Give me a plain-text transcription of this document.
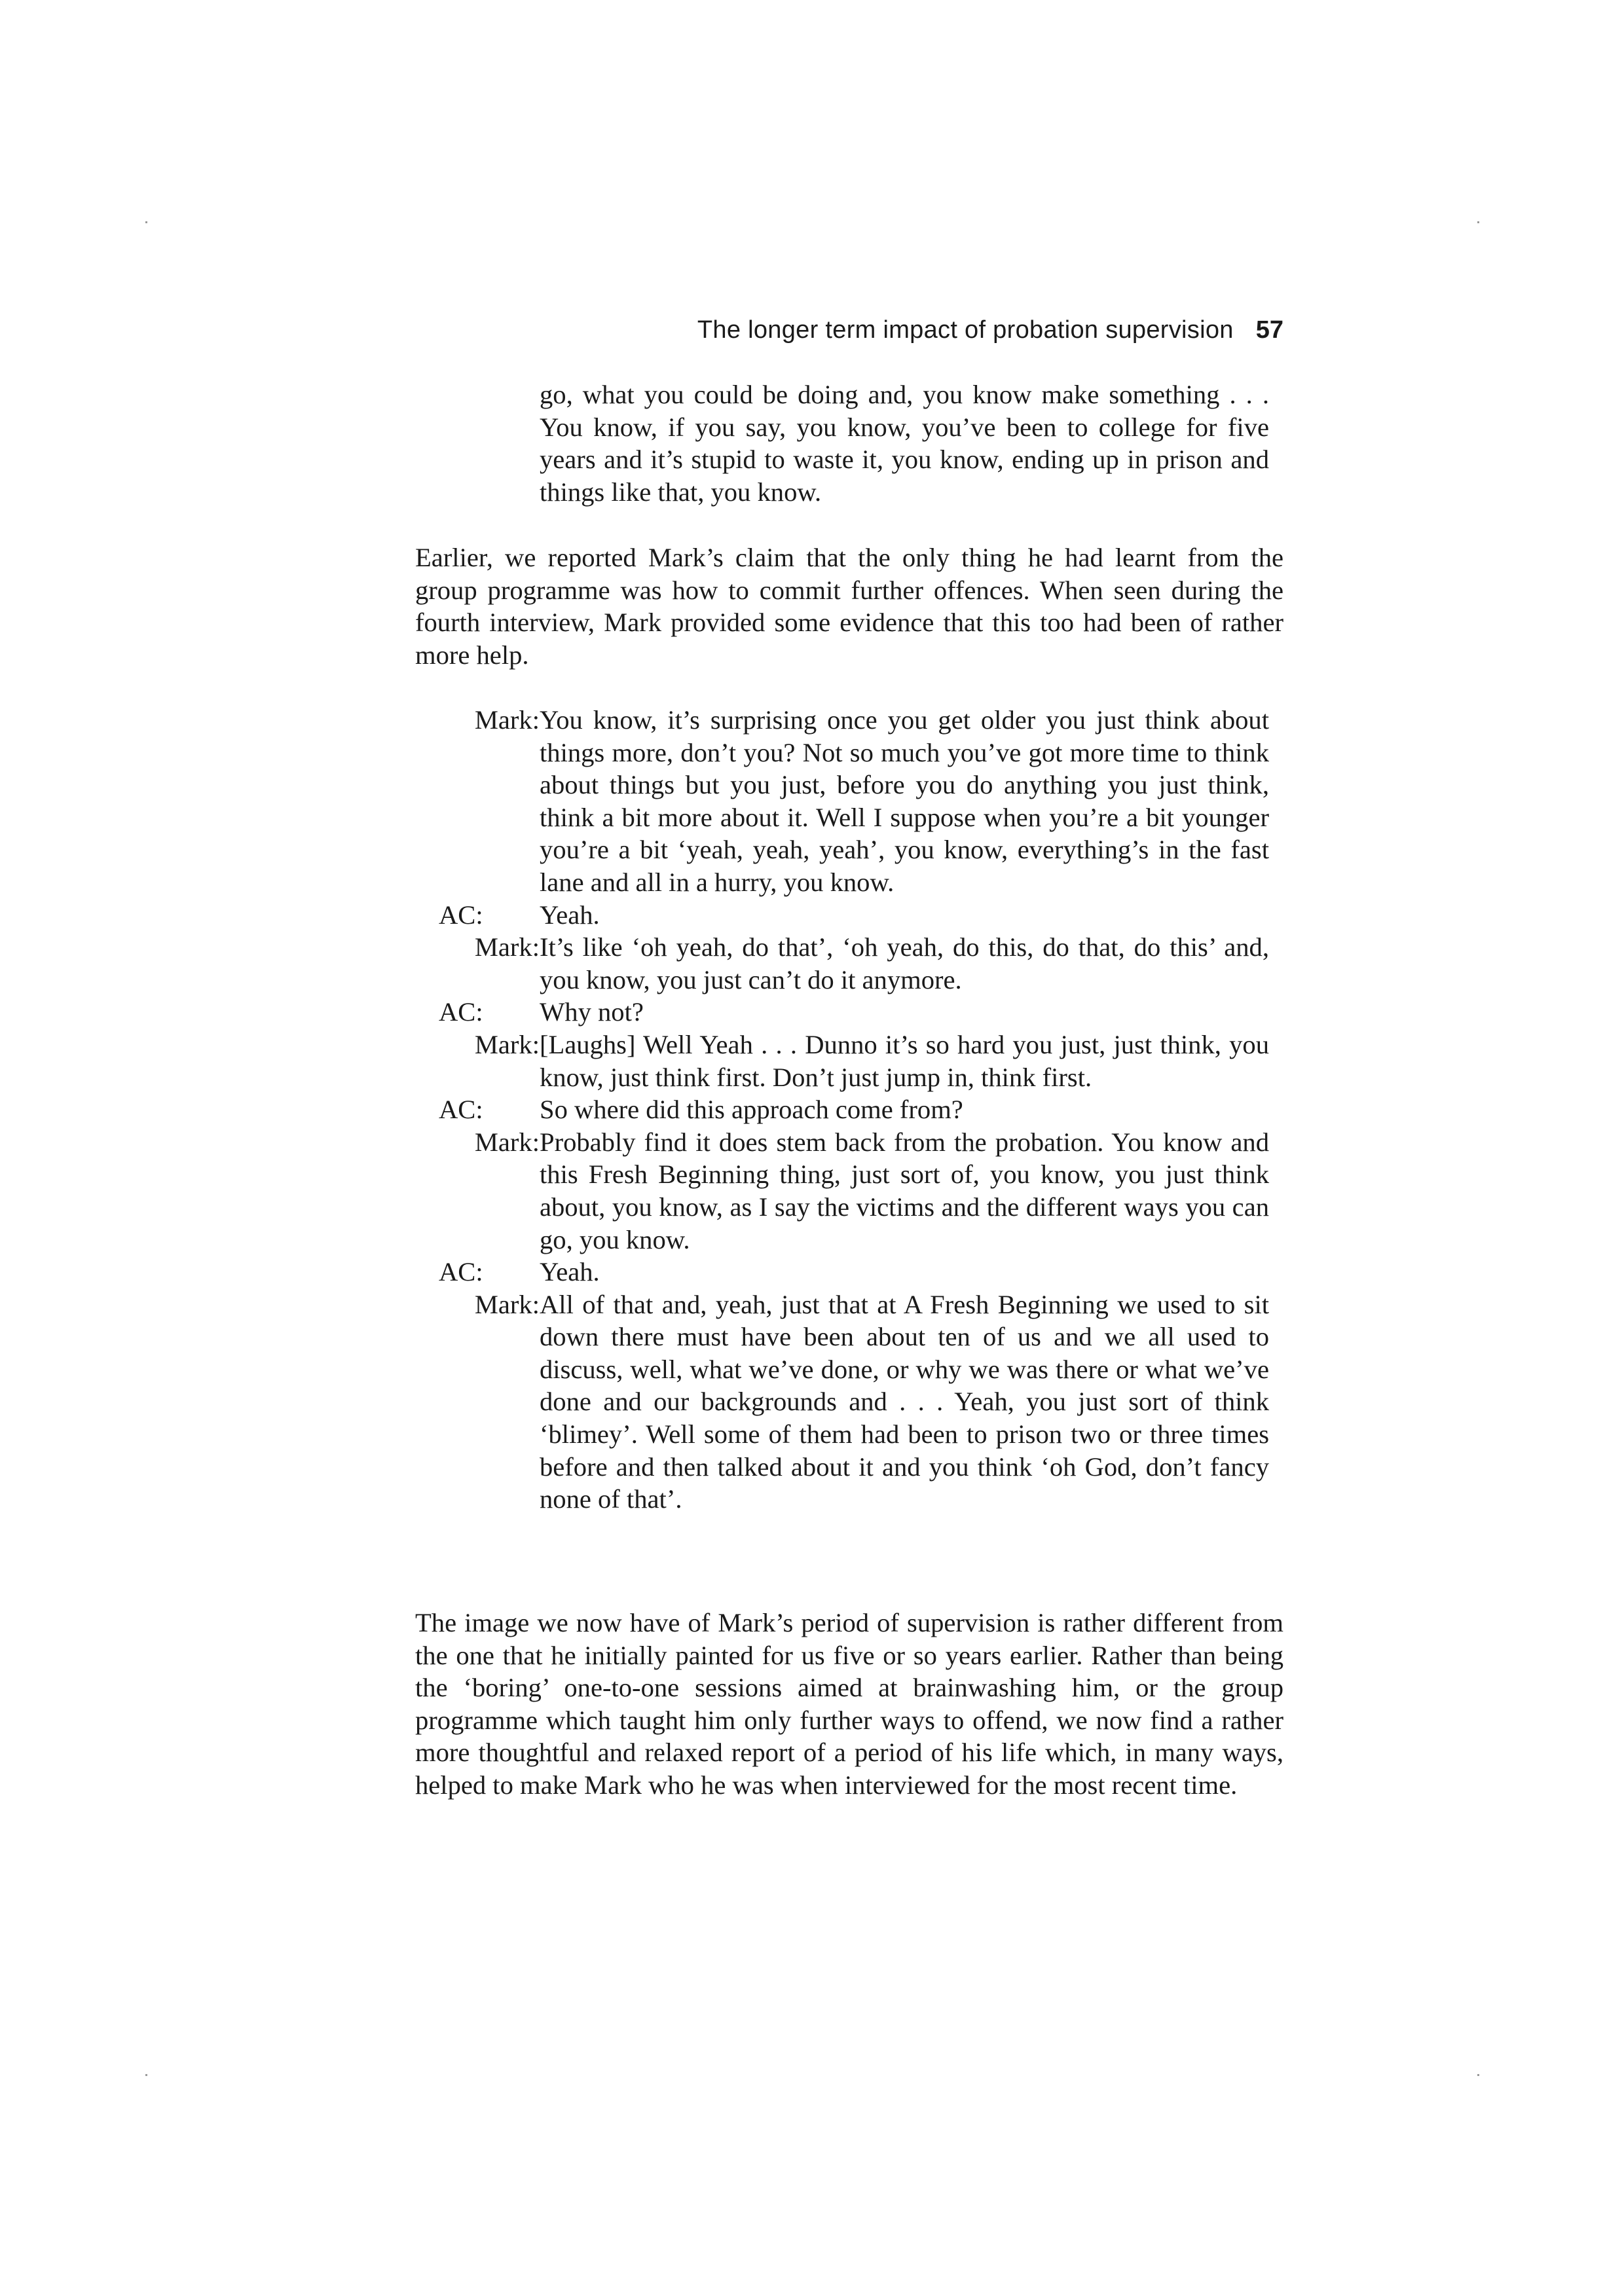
The longer term impact of probation supervision 57
go, what you could be doing and, you know make something . . . You know, if you say, you know, you’ve been to college for five years and it’s stupid to waste it, you know, ending up in prison and things like that, you know.
Earlier, we reported Mark’s claim that the only thing he had learnt from the group programme was how to commit further offences. When seen during the fourth interview, Mark provided some evidence that this too had been of rather more help.
Mark: You know, it’s surprising once you get older you just think about things more, don’t you? Not so much you’ve got more time to think about things but you just, before you do anything you just think, think a bit more about it. Well I suppose when you’re a bit younger you’re a bit ‘yeah, yeah, yeah’, you know, everything’s in the fast lane and all in a hurry, you know.
AC:	Yeah.
Mark: It’s like ‘oh yeah, do that’, ‘oh yeah, do this, do that, do this’ and, you know, you just can’t do it anymore.
AC:	Why not?
Mark: [Laughs] Well Yeah . . . Dunno it’s so hard you just, just think, you know, just think first. Don’t just jump in, think first.
AC:	So where did this approach come from?
Mark: Probably find it does stem back from the probation. You know and this Fresh Beginning thing, just sort of, you know, you just think about, you know, as I say the victims and the different ways you can go, you know.
AC:	Yeah.
Mark: All of that and, yeah, just that at A Fresh Beginning we used to sit down there must have been about ten of us and we all used to discuss, well, what we’ve done, or why we was there or what we’ve done and our backgrounds and . . . Yeah, you just sort of think ‘blimey’. Well some of them had been to prison two or three times before and then talked about it and you think ‘oh God, don’t fancy none of that’.
The image we now have of Mark’s period of supervision is rather different from the one that he initially painted for us five or so years earlier. Rather than being the ‘boring’ one-to-one sessions aimed at brainwashing him, or the group programme which taught him only further ways to offend, we now find a rather more thoughtful and relaxed report of a period of his life which, in many ways, helped to make Mark who he was when interviewed for the most recent time.
